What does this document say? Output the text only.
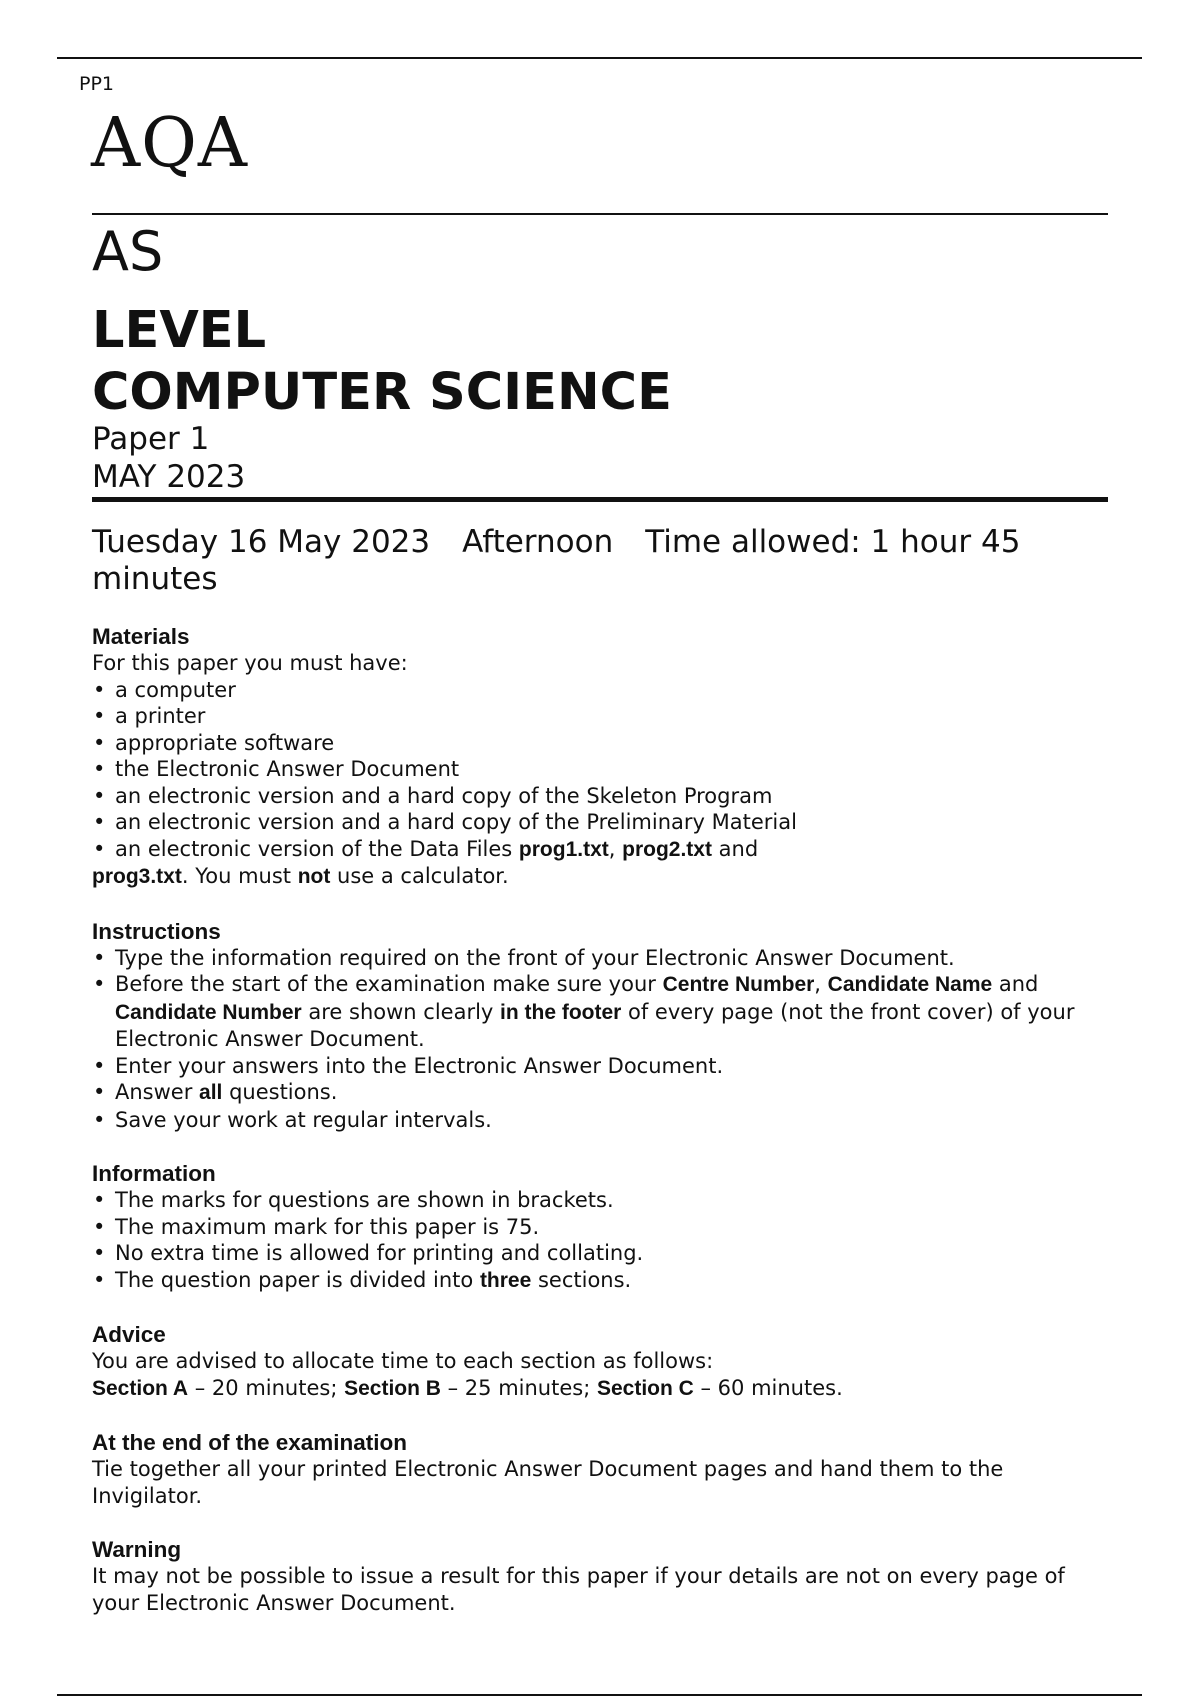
PP1
AQA
AS
LEVEL
COMPUTER SCIENCE
Paper 1
MAY 2023
Tuesday 16 May 2023 Afternoon Time allowed: 1 hour 45
minutes
Materials
For this paper you must have:
• a computer
• a printer
• appropriate software
• the Electronic Answer Document
• an electronic version and a hard copy of the Skeleton Program
• an electronic version and a hard copy of the Preliminary Material
• an electronic version of the Data Files prog1.txt, prog2.txt and
prog3.txt. You must not use a calculator.
Instructions
• Type the information required on the front of your Electronic Answer Document.
• Before the start of the examination make sure your Centre Number, Candidate Name and Candidate Number are shown clearly in the footer of every page (not the front cover) of your Electronic Answer Document.
• Enter your answers into the Electronic Answer Document.
• Answer all questions.
• Save your work at regular intervals.
Information
• The marks for questions are shown in brackets.
• The maximum mark for this paper is 75.
• No extra time is allowed for printing and collating.
• The question paper is divided into three sections.
Advice
You are advised to allocate time to each section as follows:
Section A – 20 minutes; Section B – 25 minutes; Section C – 60 minutes.
At the end of the examination
Tie together all your printed Electronic Answer Document pages and hand them to the Invigilator.
Warning
It may not be possible to issue a result for this paper if your details are not on every page of your Electronic Answer Document.
